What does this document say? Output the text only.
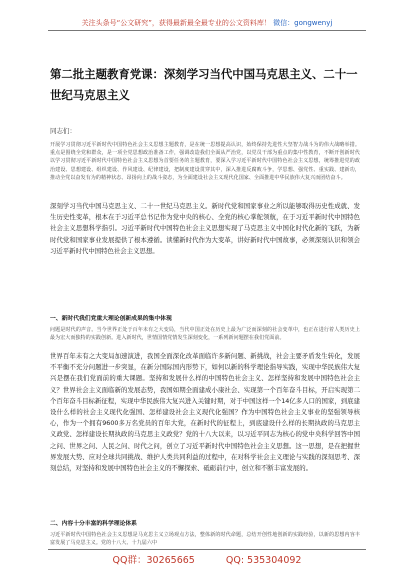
关注头条号“公文研究”，获得最新最全最专业的公文资料库！ 微信：gongwenyj
第二批主题教育党课：深刻学习当代中国马克思主义、二十一世纪马克思主义
同志们：
开展学习贯彻习近平新时代中国特色社会主义思想主题教育，是在统一思想提高认识，始终保持先进性大坚智力战斗为的伟大战略举措。重点是围绕全党和群众，是一项全党思想政治准备工作，强调改造我们全面从严治党，以党员干部为重点的集中性教育，不断开创新时代以学习贯彻习近平新时代中国特色社会主义思想为首要任务的主题教育，要深入学习近平新时代中国特色社会主义思想，统筹推进党的政治建设、思想建设、组织建设、作风建设、纪律建设，把制度建设贯穿其中，深入推进反腐败斗争，学思想、强党性、重实践、建新功，推动全党以奋发有为的精神状态、昂扬向上的战斗姿态，为全面建设社会主义现代化国家、全面推进中华民族伟大复兴而团结奋斗。
深刻学习当代中国马克思主义、二十一世纪马克思主义。新时代党和国家事业之所以能够取得历史性成就、发生历史性变革，根本在于习近平总书记作为党中央的核心、全党的核心掌舵领航，在于习近平新时代中国特色社会主义思想科学指引。习近平新时代中国特色社会主义思想实现了马克思主义中国化时代化新的飞跃，为新时代党和国家事业发展提供了根本遵循。读懂新时代作为大变革，讲好新时代中国故事，必须深刻认识和领会习近平新时代中国特色社会主义思想。
一、新时代我们党重大理论创新成果的集中体现
问题是时代的声音。当今世界正处于百年未有之大变局，当代中国正处在历史上最为广泛而深刻的社会变革中，也正在进行着人类历史上最为宏大而独特的实践创新。进入新时代，世情国情党情发生深刻变化，一系列新问题摆在我们党面前。
世界百年未有之大变局加速演进，我国全面深化改革面临许多新问题、新挑战，社会主要矛盾发生转化，发展不平衡不充分问题进一步突显，在新分国际国内形势下，如何以新的科学理论指导实践，实现中华民族伟大复兴是摆在我们党面前的重大课题。坚持和发展什么样的中国特色社会主义、怎样坚持和发展中国特色社会主义？世界社会主义面临新的发展态势，我国如期全面建成小康社会、实现第一个百年奋斗目标，开启实现第二个百年奋斗目标新征程，实现中华民族伟大复兴进入关键时期，对于中国这样一个14亿多人口的国家，到底建设什么样的社会主义现代化强国、怎样建设社会主义现代化强国？作为中国特色社会主义事业的坚强领导核心，作为一个拥有9600多万名党员的百年大党，在新时代的征程上，到底建设什么样的长期执政的马克思主义政党、怎样建设长期执政的马克思主义政党？党的十八大以来，以习近平同志为核心的党中央科学回答中国之问、世界之问、人民之问、时代之问，创立了习近平新时代中国特色社会主义思想。这一思想，是在把握世界发展大势、应对全球共同挑战、维护人类共同利益的过程中，在对科学社会主义理论与实践的深刻思考、深刻总结，对坚持和发展中国特色社会主义的不懈探索、砥砺前行中，创立和不断丰富发展的。
二、内容十分丰富的科学理论体系
习近平新时代中国特色社会主义思想是马克思主义立场观点方法，整体新的时代命题，总结开创性地创新的实践经验，以新的思想内容丰富发展了马克思主义。党的十八大、十九届六中
QQ群：30265665	QQ: 535304092
